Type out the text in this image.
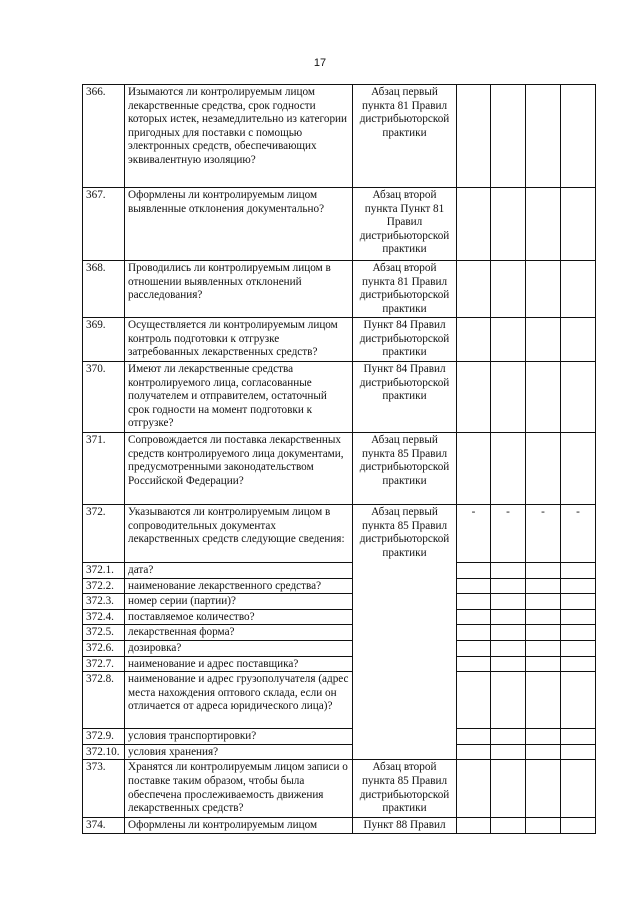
17
366.	Изымаются ли контролируемым лицом лекарственные средства, срок годности которых истек, незамедлительно из категории пригодных для поставки с помощью электронных средств, обеспечивающих эквивалентную изоляцию?	Абзац первый пункта 81 Правил дистрибьюторской практики				
367.	Оформлены ли контролируемым лицом выявленные отклонения документально?	Абзац второй пункта Пункт 81 Правил дистрибьюторской практики				
368.	Проводились ли контролируемым лицом в отношении выявленных отклонений расследования?	Абзац второй пункта 81 Правил дистрибьюторской практики				
369.	Осуществляется ли контролируемым лицом контроль подготовки к отгрузке затребованных лекарственных средств?	Пункт 84 Правил дистрибьюторской практики				
370.	Имеют ли лекарственные средства контролируемого лица, согласованные получателем и отправителем, остаточный срок годности на момент подготовки к отгрузке?	Пункт 84 Правил дистрибьюторской практики				
371.	Сопровождается ли поставка лекарственных средств контролируемого лица документами, предусмотренными законодательством Российской Федерации?	Абзац первый пункта 85 Правил дистрибьюторской практики				
372.	Указываются ли контролируемым лицом в сопроводительных документах лекарственных средств следующие сведения:	Абзац первый пункта 85 Правил дистрибьюторской практики	-	-	-	-
372.1.	дата?					
372.2.	наименование лекарственного средства?					
372.3.	номер серии (партии)?					
372.4.	поставляемое количество?					
372.5.	лекарственная форма?					
372.6.	дозировка?					
372.7.	наименование и адрес поставщика?					
372.8.	наименование и адрес грузополучателя (адрес места нахождения оптового склада, если он отличается от адреса юридического лица)?					
372.9.	условия транспортировки?					
372.10.	условия хранения?					
373.	Хранятся ли контролируемым лицом записи о поставке таким образом, чтобы была обеспечена прослеживаемость движения лекарственных средств?	Абзац второй пункта 85 Правил дистрибьюторской практики				
374.	Оформлены ли контролируемым лицом	Пункт 88 Правил				
